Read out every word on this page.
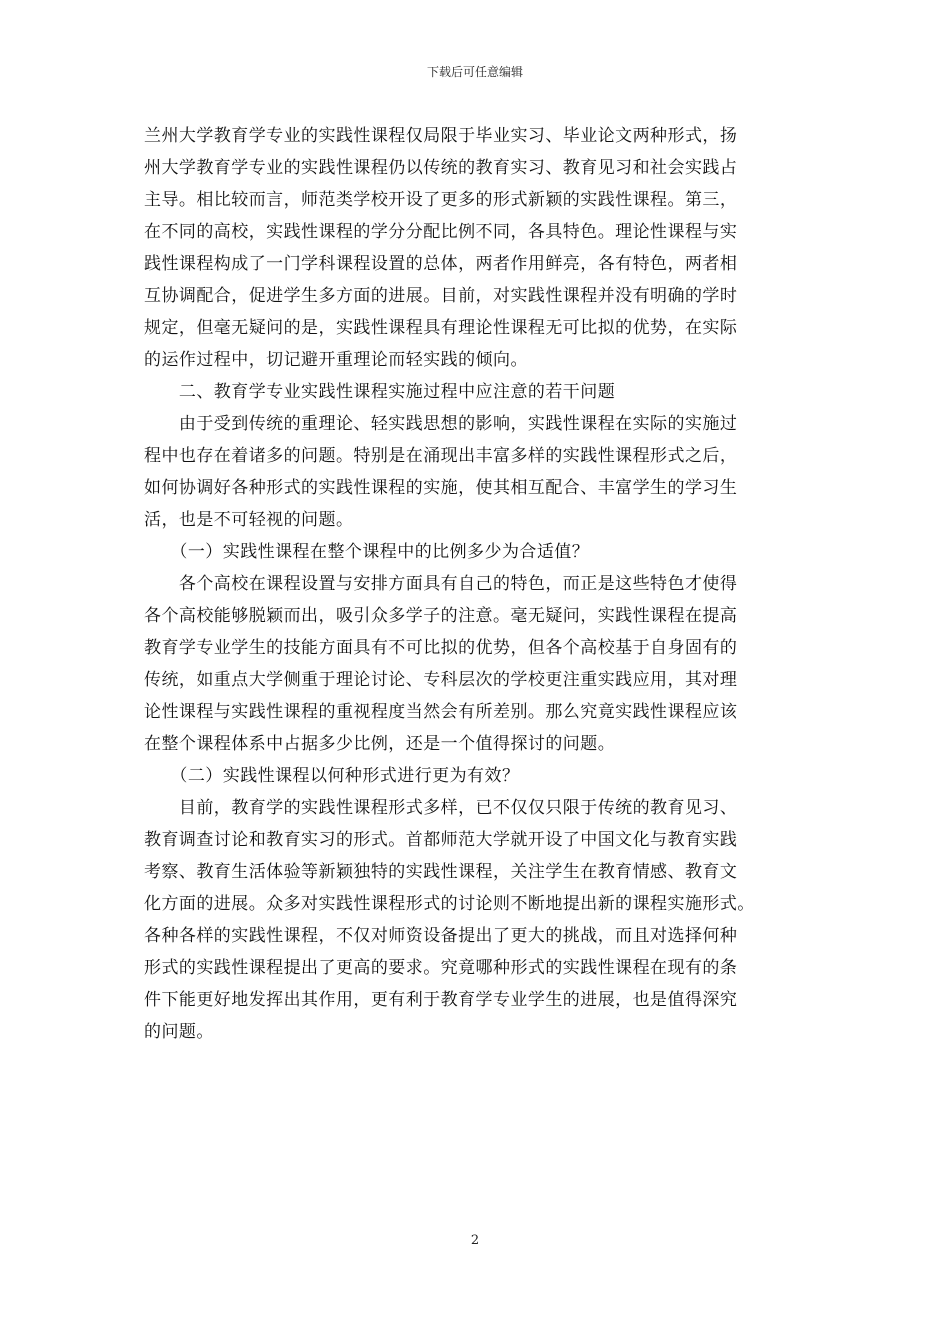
下载后可任意编辑
兰州大学教育学专业的实践性课程仅局限于毕业实习、毕业论文两种形式，扬
州大学教育学专业的实践性课程仍以传统的教育实习、教育见习和社会实践占
主导。相比较而言，师范类学校开设了更多的形式新颖的实践性课程。第三，
在不同的高校，实践性课程的学分分配比例不同，各具特色。理论性课程与实
践性课程构成了一门学科课程设置的总体，两者作用鲜亮，各有特色，两者相
互协调配合，促进学生多方面的进展。目前，对实践性课程并没有明确的学时
规定，但毫无疑问的是，实践性课程具有理论性课程无可比拟的优势，在实际
的运作过程中，切记避开重理论而轻实践的倾向。
　　二、教育学专业实践性课程实施过程中应注意的若干问题
　　由于受到传统的重理论、轻实践思想的影响，实践性课程在实际的实施过
程中也存在着诸多的问题。特别是在涌现出丰富多样的实践性课程形式之后，
如何协调好各种形式的实践性课程的实施，使其相互配合、丰富学生的学习生
活，也是不可轻视的问题。
　　（一）实践性课程在整个课程中的比例多少为合适值？
　　各个高校在课程设置与安排方面具有自己的特色，而正是这些特色才使得
各个高校能够脱颖而出，吸引众多学子的注意。毫无疑问，实践性课程在提高
教育学专业学生的技能方面具有不可比拟的优势，但各个高校基于自身固有的
传统，如重点大学侧重于理论讨论、专科层次的学校更注重实践应用，其对理
论性课程与实践性课程的重视程度当然会有所差别。那么究竟实践性课程应该
在整个课程体系中占据多少比例，还是一个值得探讨的问题。
　　（二）实践性课程以何种形式进行更为有效？
　　目前，教育学的实践性课程形式多样，已不仅仅只限于传统的教育见习、
教育调查讨论和教育实习的形式。首都师范大学就开设了中国文化与教育实践
考察、教育生活体验等新颖独特的实践性课程，关注学生在教育情感、教育文
化方面的进展。众多对实践性课程形式的讨论则不断地提出新的课程实施形式。
各种各样的实践性课程，不仅对师资设备提出了更大的挑战，而且对选择何种
形式的实践性课程提出了更高的要求。究竟哪种形式的实践性课程在现有的条
件下能更好地发挥出其作用，更有利于教育学专业学生的进展，也是值得深究
的问题。
2
